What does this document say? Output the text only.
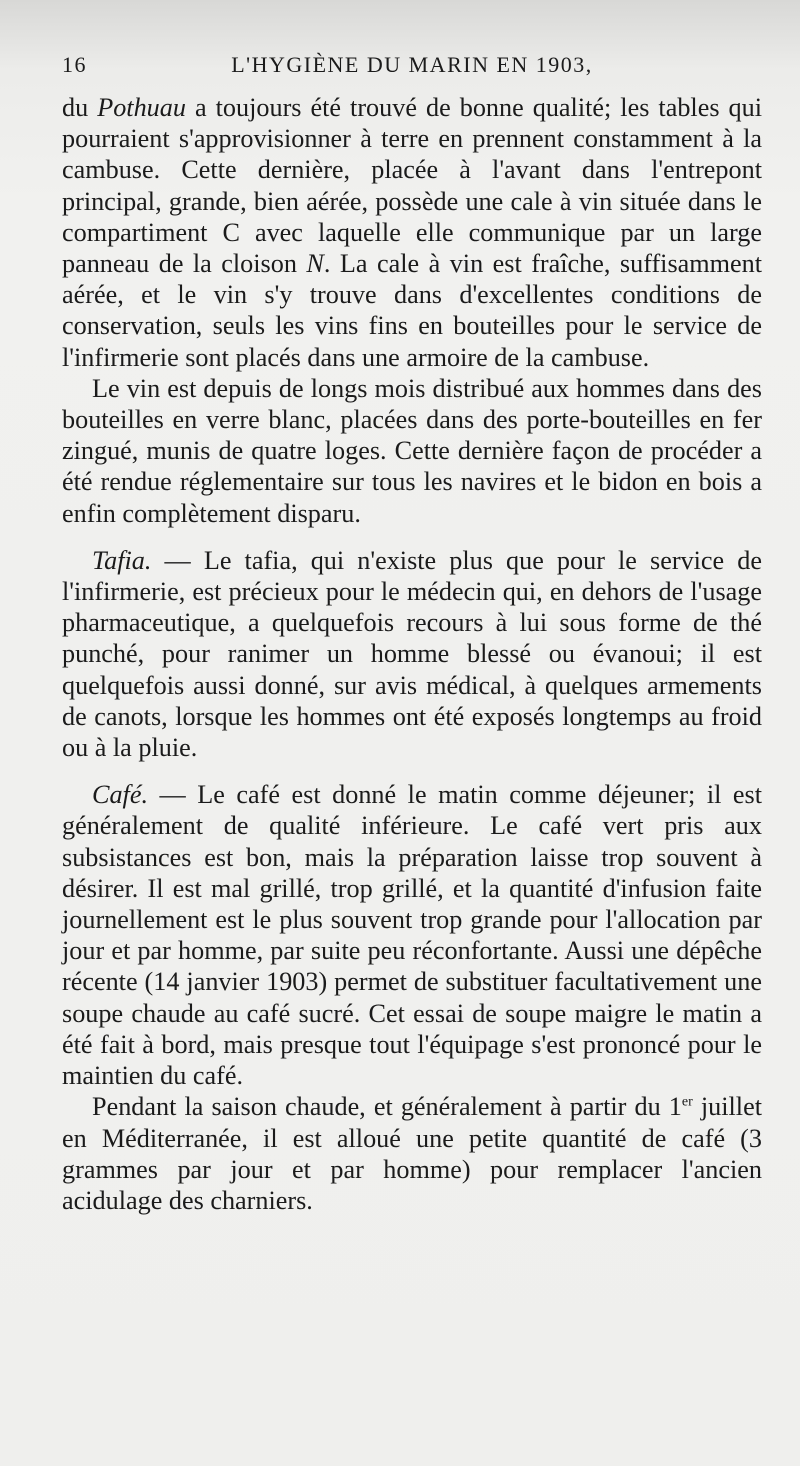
16	L'HYGIÈNE DU MARIN EN 1903,

du Pothuau a toujours été trouvé de bonne qualité; les tables qui pourraient s'approvisionner à terre en prennent constamment à la cambuse. Cette dernière, placée à l'avant dans l'entrepont principal, grande, bien aérée, possède une cale à vin située dans le compartiment C avec laquelle elle communique par un large panneau de la cloison N. La cale à vin est fraîche, suffisamment aérée, et le vin s'y trouve dans d'excellentes conditions de conservation, seuls les vins fins en bouteilles pour le service de l'infirmerie sont placés dans une armoire de la cambuse.

Le vin est depuis de longs mois distribué aux hommes dans des bouteilles en verre blanc, placées dans des porte-bouteilles en fer zingué, munis de quatre loges. Cette dernière façon de procéder a été rendue réglementaire sur tous les navires et le bidon en bois a enfin complètement disparu.

Tafia. — Le tafia, qui n'existe plus que pour le service de l'infirmerie, est précieux pour le médecin qui, en dehors de l'usage pharmaceutique, a quelquefois recours à lui sous forme de thé punché, pour ranimer un homme blessé ou évanoui; il est quelquefois aussi donné, sur avis médical, à quelques armements de canots, lorsque les hommes ont été exposés longtemps au froid ou à la pluie.

Café. — Le café est donné le matin comme déjeuner; il est généralement de qualité inférieure. Le café vert pris aux subsistances est bon, mais la préparation laisse trop souvent à désirer. Il est mal grillé, trop grillé, et la quantité d'infusion faite journellement est le plus souvent trop grande pour l'allocation par jour et par homme, par suite peu réconfortante. Aussi une dépêche récente (14 janvier 1903) permet de substituer facultativement une soupe chaude au café sucré. Cet essai de soupe maigre le matin a été fait à bord, mais presque tout l'équipage s'est prononcé pour le maintien du café.

Pendant la saison chaude, et généralement à partir du 1er juillet en Méditerranée, il est alloué une petite quantité de café (3 grammes par jour et par homme) pour remplacer l'ancien acidulage des charniers.
